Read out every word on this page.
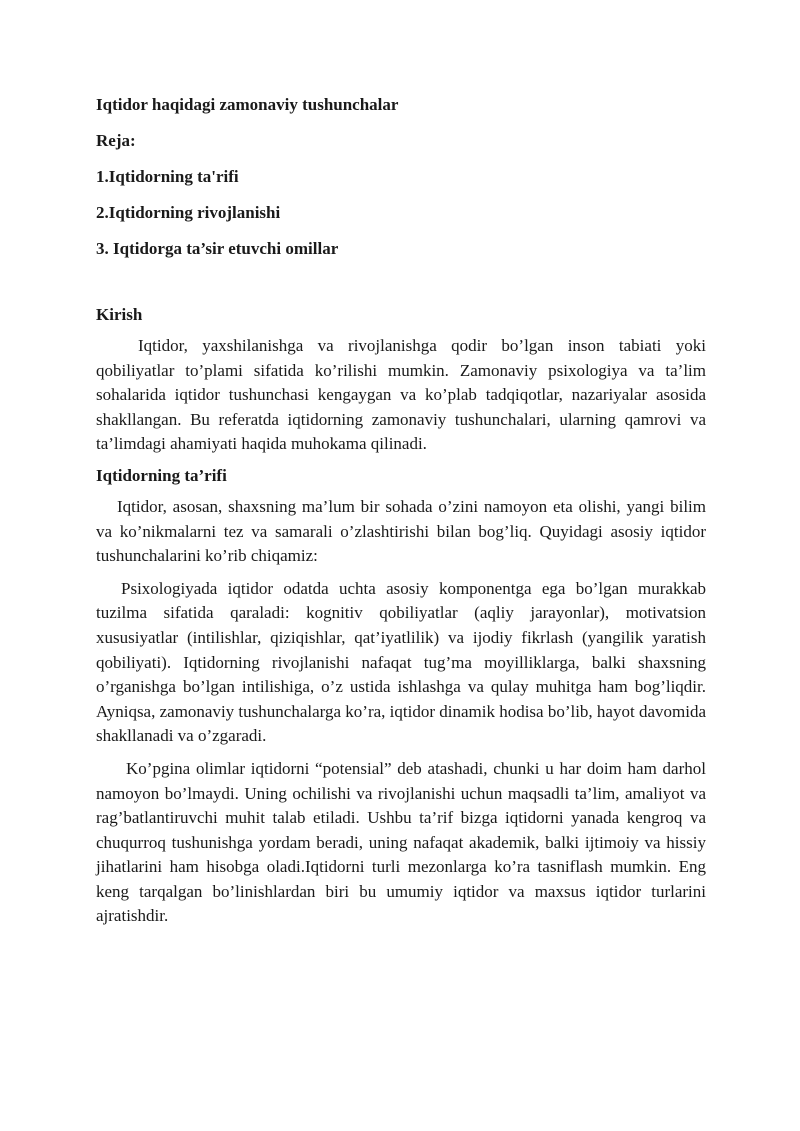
Iqtidor haqidagi zamonaviy tushunchalar
Reja:
1.Iqtidorning ta'rifi
2.Iqtidorning rivojlanishi
3. Iqtidorga ta’sir etuvchi omillar
Kirish

Iqtidor, yaxshilanishga va rivojlanishga qodir bo’lgan inson tabiati yoki qobiliyatlar to’plami sifatida ko’rilishi mumkin. Zamonaviy psixologiya va ta’lim sohalarida iqtidor tushunchasi kengaygan va ko’plab tadqiqotlar, nazariyalar asosida shakllangan. Bu referatda iqtidorning zamonaviy tushunchalari, ularning qamrovi va ta’limdagi ahamiyati haqida muhokama qilinadi.

Iqtidorning ta’rifi

Iqtidor, asosan, shaxsning ma’lum bir sohada o’zini namoyon eta olishi, yangi bilim va ko’nikmalarni tez va samarali o’zlashtirishi bilan bog’liq. Quyidagi asosiy iqtidor tushunchalarini ko’rib chiqamiz:

Psixologiyada iqtidor odatda uchta asosiy komponentga ega bo’lgan murakkab tuzilma sifatida qaraladi: kognitiv qobiliyatlar (aqliy jarayonlar), motivatsion xususiyatlar (intilishlar, qiziqishlar, qat’iyatlilik) va ijodiy fikrlash (yangilik yaratish qobiliyati). Iqtidorning rivojlanishi nafaqat tug’ma moyilliklarga, balki shaxsning o’rganishga bo’lgan intilishiga, o’z ustida ishlashga va qulay muhitga ham bog’liqdir. Ayniqsa, zamonaviy tushunchalarga ko’ra, iqtidor dinamik hodisa bo’lib, hayot davomida shakllanadi va o’zgaradi.

Ko’pgina olimlar iqtidorni “potensial” deb atashadi, chunki u har doim ham darhol namoyon bo’lmaydi. Uning ochilishi va rivojlanishi uchun maqsadli ta’lim, amaliyot va rag’batlantiruvchi muhit talab etiladi. Ushbu ta’rif bizga iqtidorni yanada kengroq va chuqurroq tushunishga yordam beradi, uning nafaqat akademik, balki ijtimoiy va hissiy jihatlarini ham hisobga oladi.Iqtidorni turli mezonlarga ko’ra tasniflash mumkin. Eng keng tarqalgan bo’linishlardan biri bu umumiy iqtidor va maxsus iqtidor turlarini ajratishdir.
